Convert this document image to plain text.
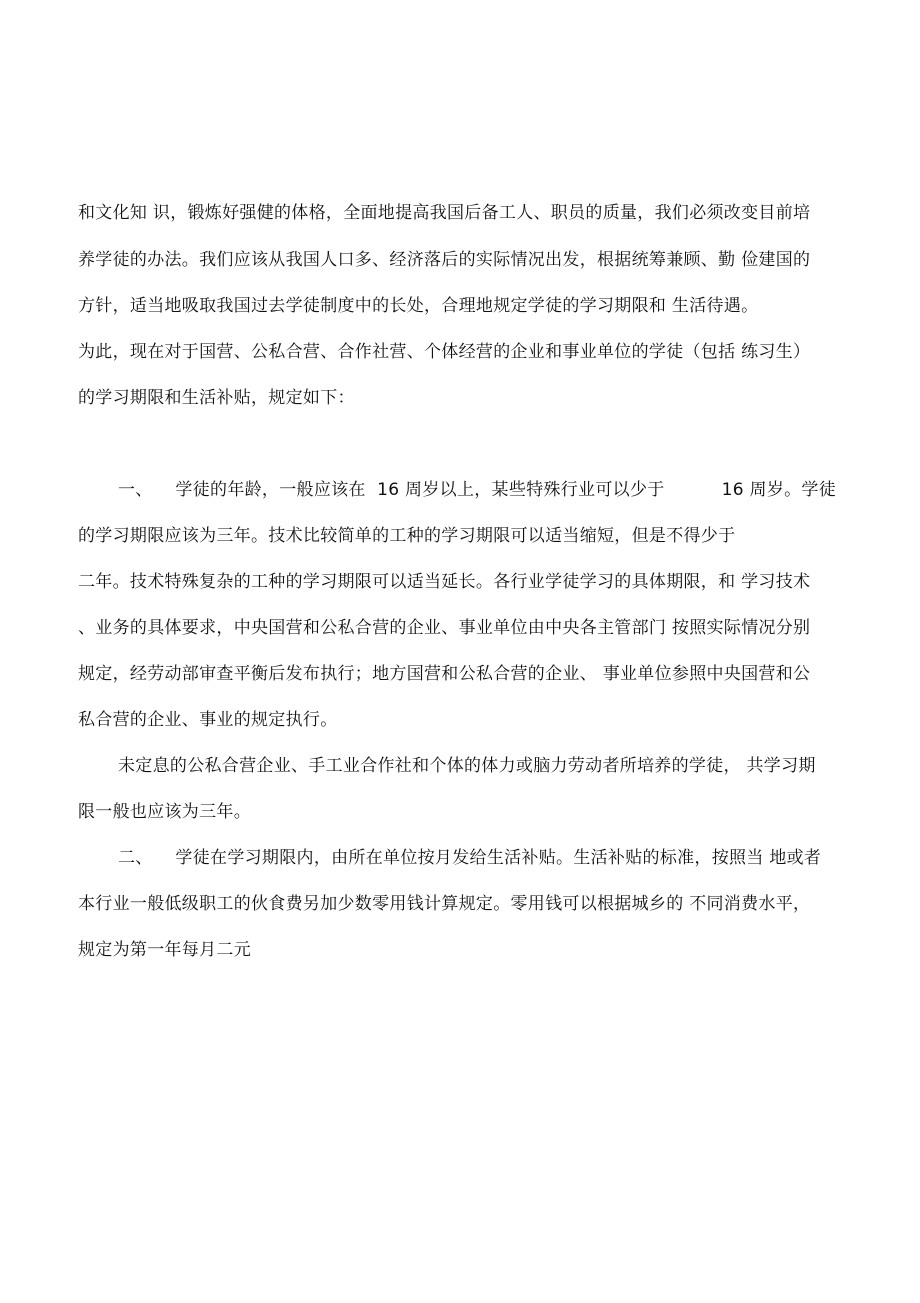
和文化知 识，锻炼好强健的体格，全面地提高我国后备工人、职员的质量，我们必须改变目前培
养学徒的办法。我们应该从我国人口多、经济落后的实际情况出发，根据统筹兼顾、勤 俭建国的
方针，适当地吸取我国过去学徒制度中的长处，合理地规定学徒的学习期限和 生活待遇。
为此，现在对于国营、公私合营、合作社营、个体经营的企业和事业单位的学徒（包括 练习生）
的学习期限和生活补贴，规定如下：
一、    学徒的年龄，一般应该在  16 周岁以上，某些特殊行业可以少于          16 周岁。学徒
的学习期限应该为三年。技术比较简单的工种的学习期限可以适当缩短，但是不得少于
二年。技术特殊复杂的工种的学习期限可以适当延长。各行业学徒学习的具体期限，和 学习技术
、业务的具体要求，中央国营和公私合营的企业、事业单位由中央各主管部门 按照实际情况分别
规定，经劳动部审查平衡后发布执行；地方国营和公私合营的企业、 事业单位参照中央国营和公
私合营的企业、事业的规定执行。
未定息的公私合营企业、手工业合作社和个体的体力或脑力劳动者所培养的学徒， 共学习期
限一般也应该为三年。
二、    学徒在学习期限内，由所在单位按月发给生活补贴。生活补贴的标准，按照当 地或者
本行业一般低级职工的伙食费另加少数零用钱计算规定。零用钱可以根据城乡的 不同消费水平，
规定为第一年每月二元
